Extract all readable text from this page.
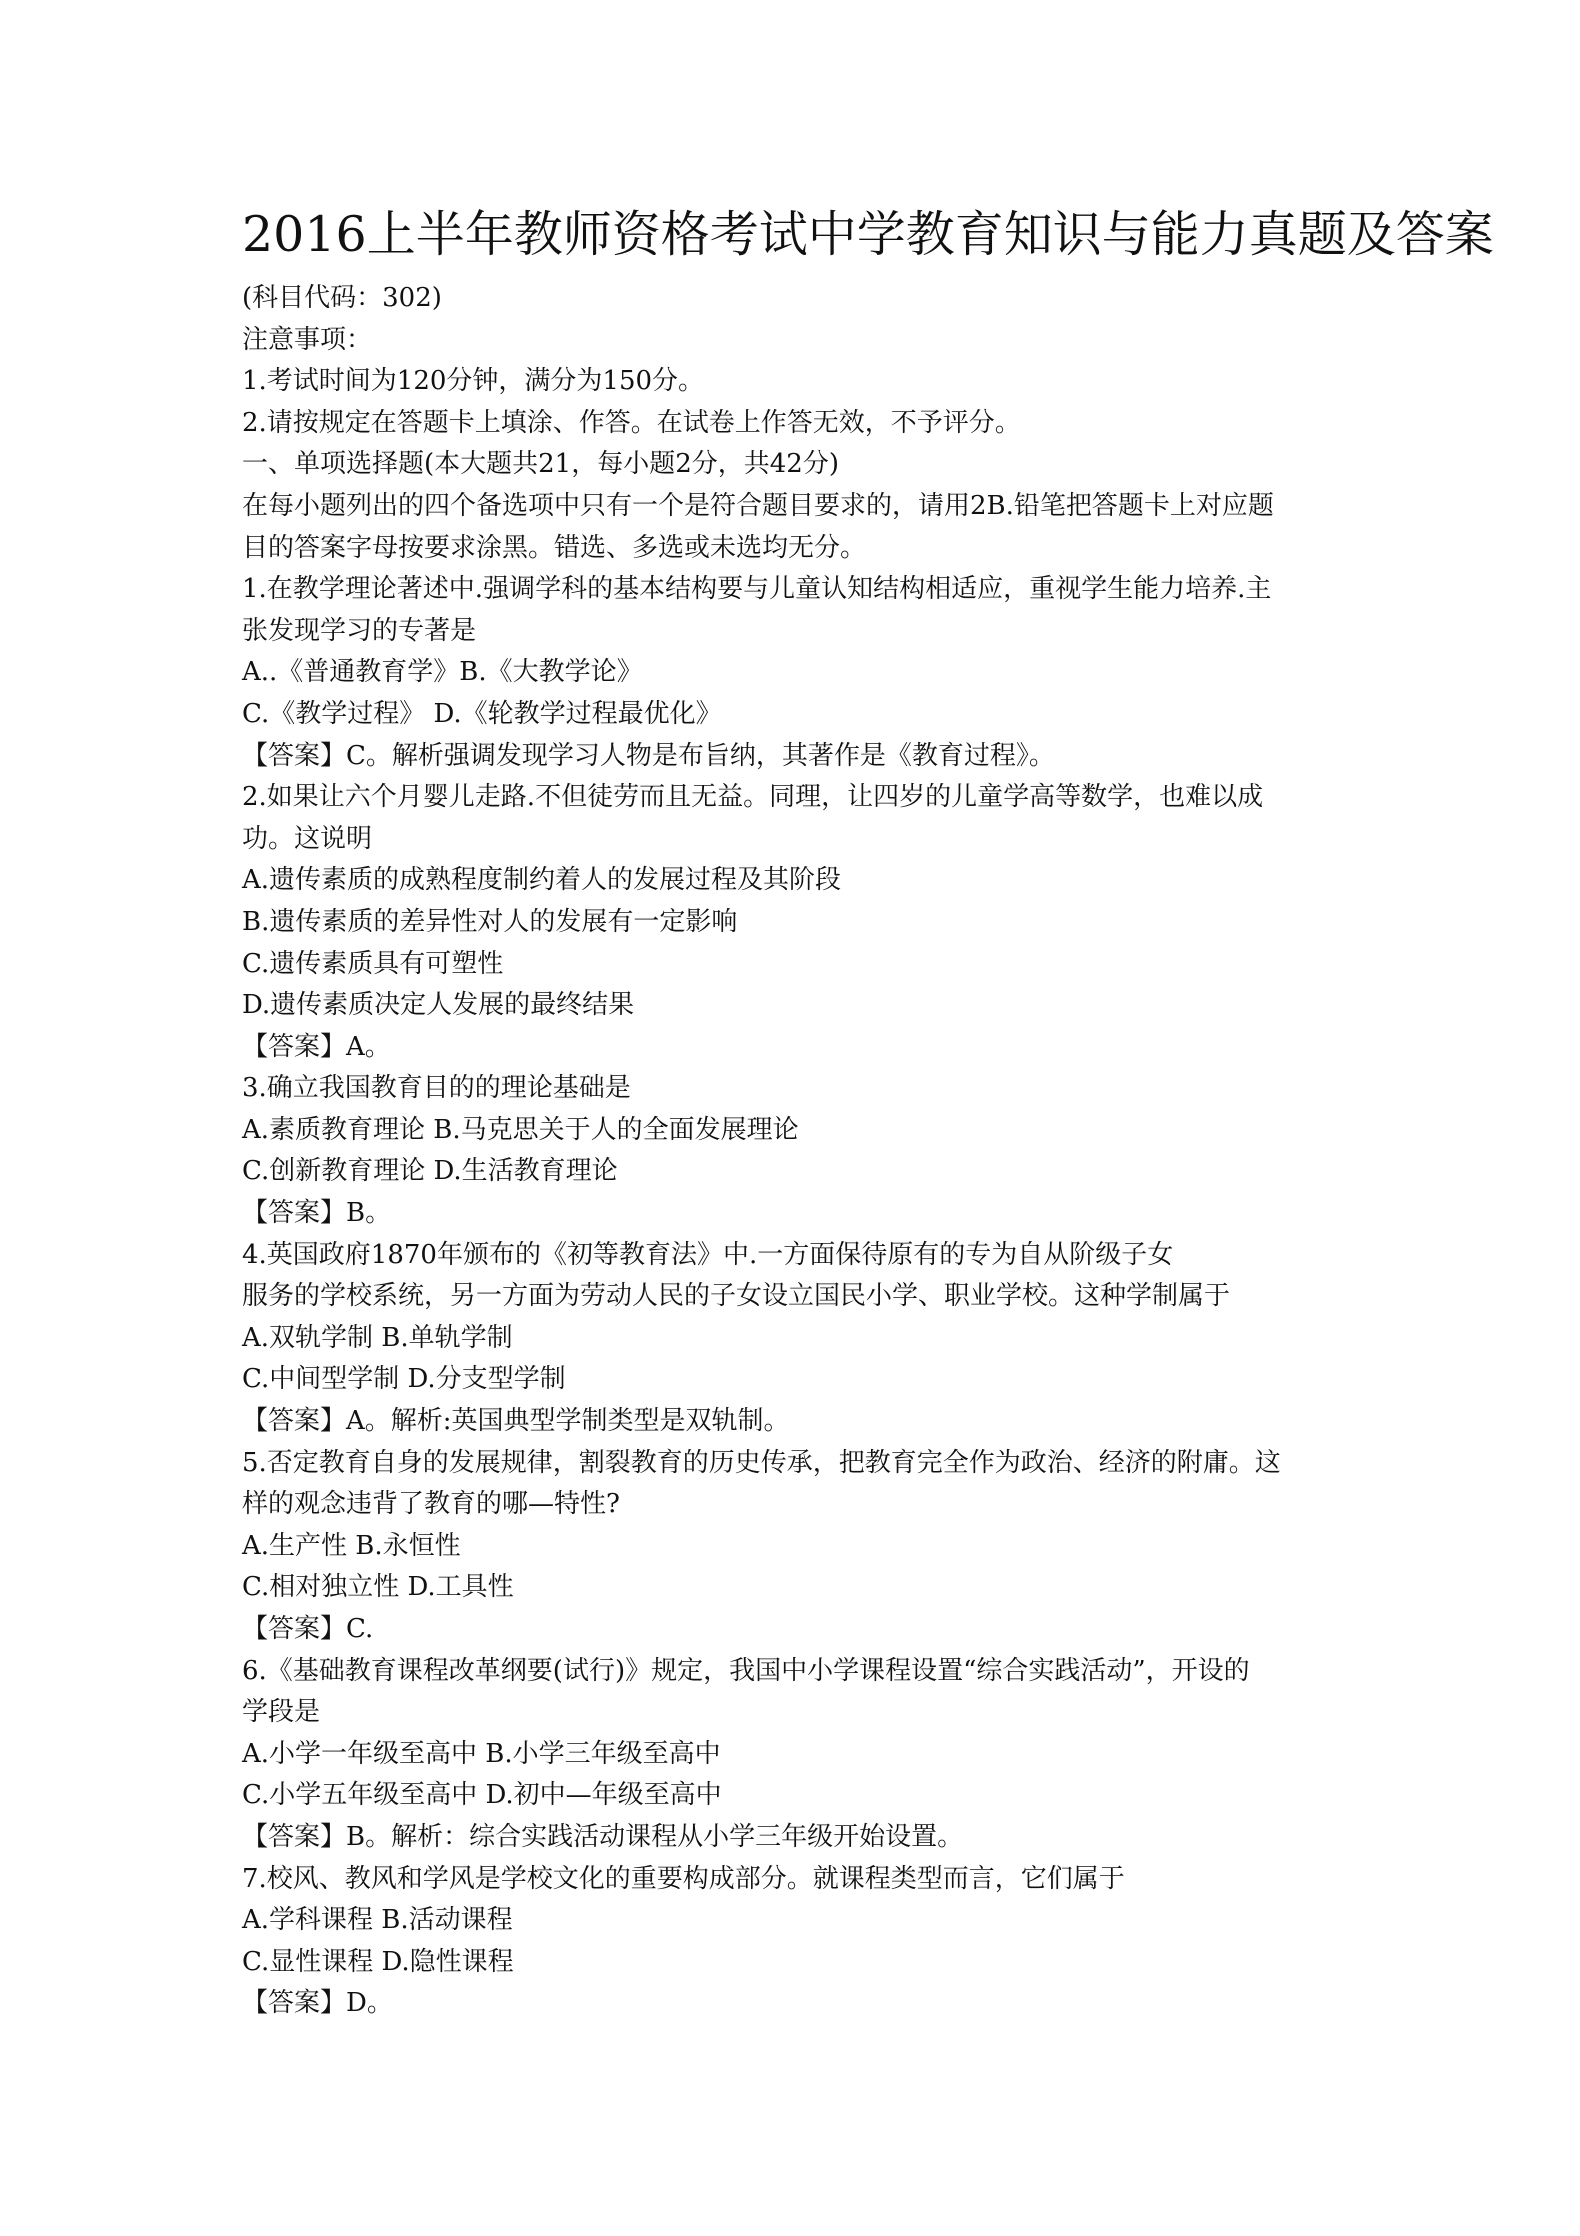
2016上半年教师资格考试中学教育知识与能力真题及答案
(科目代码：302)
注意事项：
1.考试时间为120分钟，满分为150分。
2.请按规定在答题卡上填涂、作答。在试卷上作答无效，不予评分。
一、单项选择题(本大题共21，每小题2分，共42分)
在每小题列出的四个备选项中只有一个是符合题目要求的，请用2B.铅笔把答题卡上对应题
目的答案字母按要求涂黑。错选、多选或未选均无分。
1.在教学理论著述中.强调学科的基本结构要与儿童认知结构相适应，重视学生能力培养.主
张发现学习的专著是
A..《普通教育学》B.《大教学论》
C.《教学过程》 D.《轮教学过程最优化》
【答案】C。解析强调发现学习人物是布旨纳，其著作是《教育过程》。
2.如果让六个月婴儿走路.不但徒劳而且无益。同理，让四岁的儿童学高等数学，也难以成
功。这说明
A.遗传素质的成熟程度制约着人的发展过程及其阶段
B.遗传素质的差异性对人的发展有一定影响
C.遗传素质具有可塑性
D.遗传素质决定人发展的最终结果
【答案】A。
3.确立我国教育目的的理论基础是
A.素质教育理论 B.马克思关于人的全面发展理论
C.创新教育理论 D.生活教育理论
【答案】B。
4.英国政府1870年颁布的《初等教育法》中.一方面保待原有的专为自从阶级子女
服务的学校系统，另一方面为劳动人民的子女设立国民小学、职业学校。这种学制属于
A.双轨学制 B.单轨学制
C.中间型学制 D.分支型学制
【答案】A。解析:英国典型学制类型是双轨制。
5.否定教育自身的发展规律，割裂教育的历史传承，把教育完全作为政治、经济的附庸。这
样的观念违背了教育的哪—特性?
A.生产性 B.永恒性
C.相对独立性 D.工具性
【答案】C.
6.《基础教育课程改革纲要(试行)》规定，我国中小学课程设置“综合实践活动”，开设的
学段是
A.小学一年级至高中 B.小学三年级至高中
C.小学五年级至高中 D.初中—年级至高中
【答案】B。解析：综合实践活动课程从小学三年级开始设置。
7.校风、教风和学风是学校文化的重要构成部分。就课程类型而言，它们属于
A.学科课程 B.活动课程
C.显性课程 D.隐性课程
【答案】D。
